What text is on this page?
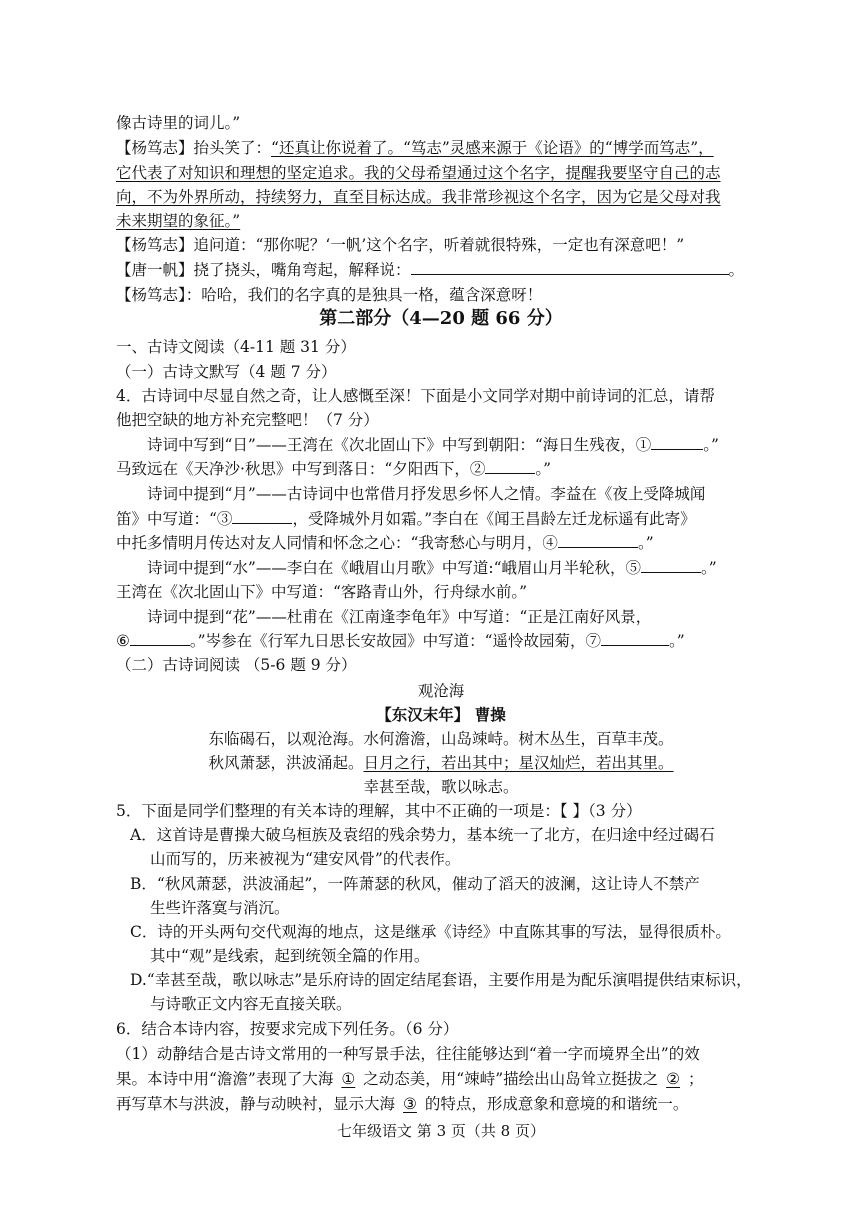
像古诗里的词儿。”
【杨笃志】抬头笑了：“还真让你说着了。“笃志”灵感来源于《论语》的“博学而笃志”，
它代表了对知识和理想的坚定追求。我的父母希望通过这个名字，提醒我要坚守自己的志
向，不为外界所动，持续努力，直至目标达成。我非常珍视这个名字，因为它是父母对我
未来期望的象征。”
【杨笃志】追问道：“那你呢？‘一帆’这个名字，听着就很特殊，一定也有深意吧！”
【唐一帆】挠了挠头，嘴角弯起，解释说：	。
【杨笃志】：哈哈，我们的名字真的是独具一格，蕴含深意呀！
第二部分（4—20 题 66 分）
一、古诗文阅读（4-11 题 31 分）
（一）古诗文默写（4 题 7 分）
4．古诗词中尽显自然之奇，让人感慨至深！下面是小文同学对期中前诗词的汇总，请帮
他把空缺的地方补充完整吧！（7 分）
诗词中写到“日”——王湾在《次北固山下》中写到朝阳：“海日生残夜，①	。”
马致远在《天净沙·秋思》中写到落日：“夕阳西下，②	。”
诗词中提到“月”——古诗词中也常借月抒发思乡怀人之情。李益在《夜上受降城闻
笛》中写道：“③	，受降城外月如霜。”李白在《闻王昌龄左迁龙标遥有此寄》
中托多情明月传达对友人同情和怀念之心：“我寄愁心与明月，④	。”
诗词中提到“水”——李白在《峨眉山月歌》中写道:“峨眉山月半轮秋，⑤	。”
王湾在《次北固山下》中写道：“客路青山外，行舟绿水前。”
诗词中提到“花”——杜甫在《江南逢李龟年》中写道：“正是江南好风景，
⑥	。”岑参在《行军九日思长安故园》中写道：“遥怜故园菊，⑦	。”
（二）古诗词阅读 （5-6 题 9 分）
观沧海
【东汉末年】 曹操
东临碣石，以观沧海。水何澹澹，山岛竦峙。树木丛生，百草丰茂。
秋风萧瑟，洪波涌起。日月之行，若出其中；星汉灿烂，若出其里。
幸甚至哉，歌以咏志。
5．下面是同学们整理的有关本诗的理解，其中不正确的一项是：【 】（3 分）
A．这首诗是曹操大破乌桓族及袁绍的残余势力，基本统一了北方，在归途中经过碣石
山而写的，历来被视为“建安风骨”的代表作。
B．“秋风萧瑟，洪波涌起”，一阵萧瑟的秋风，催动了滔天的波澜，这让诗人不禁产
生些许落寞与消沉。
C．诗的开头两句交代观海的地点，这是继承《诗经》中直陈其事的写法，显得很质朴。
其中“观”是线索，起到统领全篇的作用。
D.“幸甚至哉，歌以咏志”是乐府诗的固定结尾套语，主要作用是为配乐演唱提供结束标识，
与诗歌正文内容无直接关联。
6．结合本诗内容，按要求完成下列任务。（6 分）
（1）动静结合是古诗文常用的一种写景手法，往往能够达到“着一字而境界全出”的效
果。本诗中用“澹澹”表现了大海 ① 之动态美，用“竦峙”描绘出山岛耸立挺拔之 ② ；
再写草木与洪波，静与动映衬，显示大海 ③ 的特点，形成意象和意境的和谐统一。
七年级语文 第 3 页（共 8 页）
